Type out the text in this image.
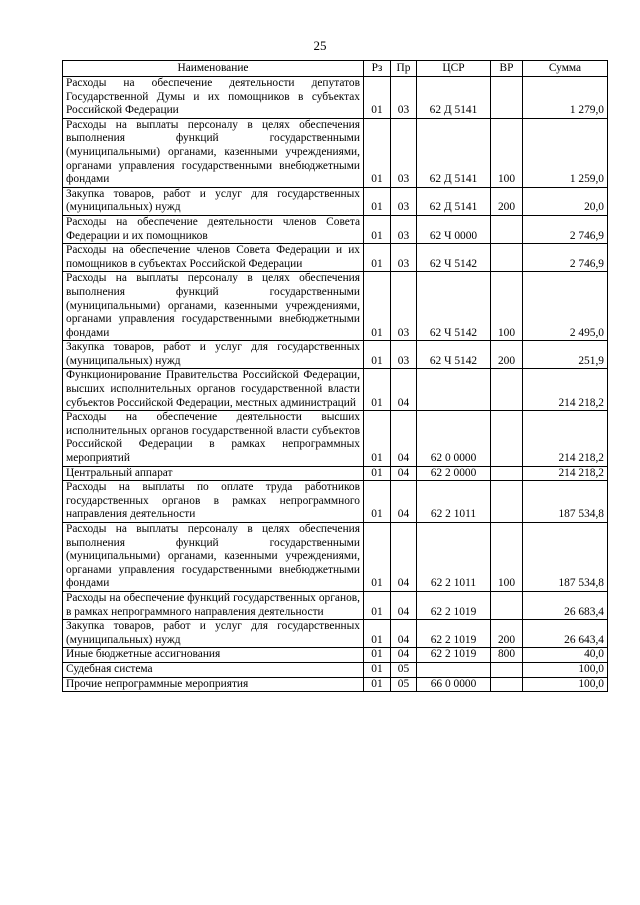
25
Наименование	Рз	Пр	ЦСР	ВР	Сумма
Расходы на обеспечение деятельности депутатов Государственной Думы и их помощников в субъектах Российской Федерации	01	03	62 Д 5141		1 279,0
Расходы на выплаты персоналу в целях обеспечения выполнения функций государственными (муниципальными) органами, казенными учреждениями, органами управления государственными внебюджетными фондами	01	03	62 Д 5141	100	1 259,0
Закупка товаров, работ и услуг для государственных (муниципальных) нужд	01	03	62 Д 5141	200	20,0
Расходы на обеспечение деятельности членов Совета Федерации и их помощников	01	03	62 Ч 0000		2 746,9
Расходы на обеспечение членов Совета Федерации и их помощников в субъектах Российской Федерации	01	03	62 Ч 5142		2 746,9
Расходы на выплаты персоналу в целях обеспечения выполнения функций государственными (муниципальными) органами, казенными учреждениями, органами управления государственными внебюджетными фондами	01	03	62 Ч 5142	100	2 495,0
Закупка товаров, работ и услуг для государственных (муниципальных) нужд	01	03	62 Ч 5142	200	251,9
Функционирование Правительства Российской Федерации, высших исполнительных органов государственной власти субъектов Российской Федерации, местных администраций	01	04			214 218,2
Расходы на обеспечение деятельности высших исполнительных органов государственной власти субъектов Российской Федерации в рамках непрограммных мероприятий	01	04	62 0 0000		214 218,2
Центральный аппарат	01	04	62 2 0000		214 218,2
Расходы на выплаты по оплате труда работников государственных органов в рамках непрограммного направления деятельности	01	04	62 2 1011		187 534,8
Расходы на выплаты персоналу в целях обеспечения выполнения функций государственными (муниципальными) органами, казенными учреждениями, органами управления государственными внебюджетными фондами	01	04	62 2 1011	100	187 534,8
Расходы на обеспечение функций государственных органов, в рамках непрограммного направления деятельности	01	04	62 2 1019		26 683,4
Закупка товаров, работ и услуг для государственных (муниципальных) нужд	01	04	62 2 1019	200	26 643,4
Иные бюджетные ассигнования	01	04	62 2 1019	800	40,0
Судебная система	01	05			100,0
Прочие непрограммные мероприятия	01	05	66 0 0000		100,0
